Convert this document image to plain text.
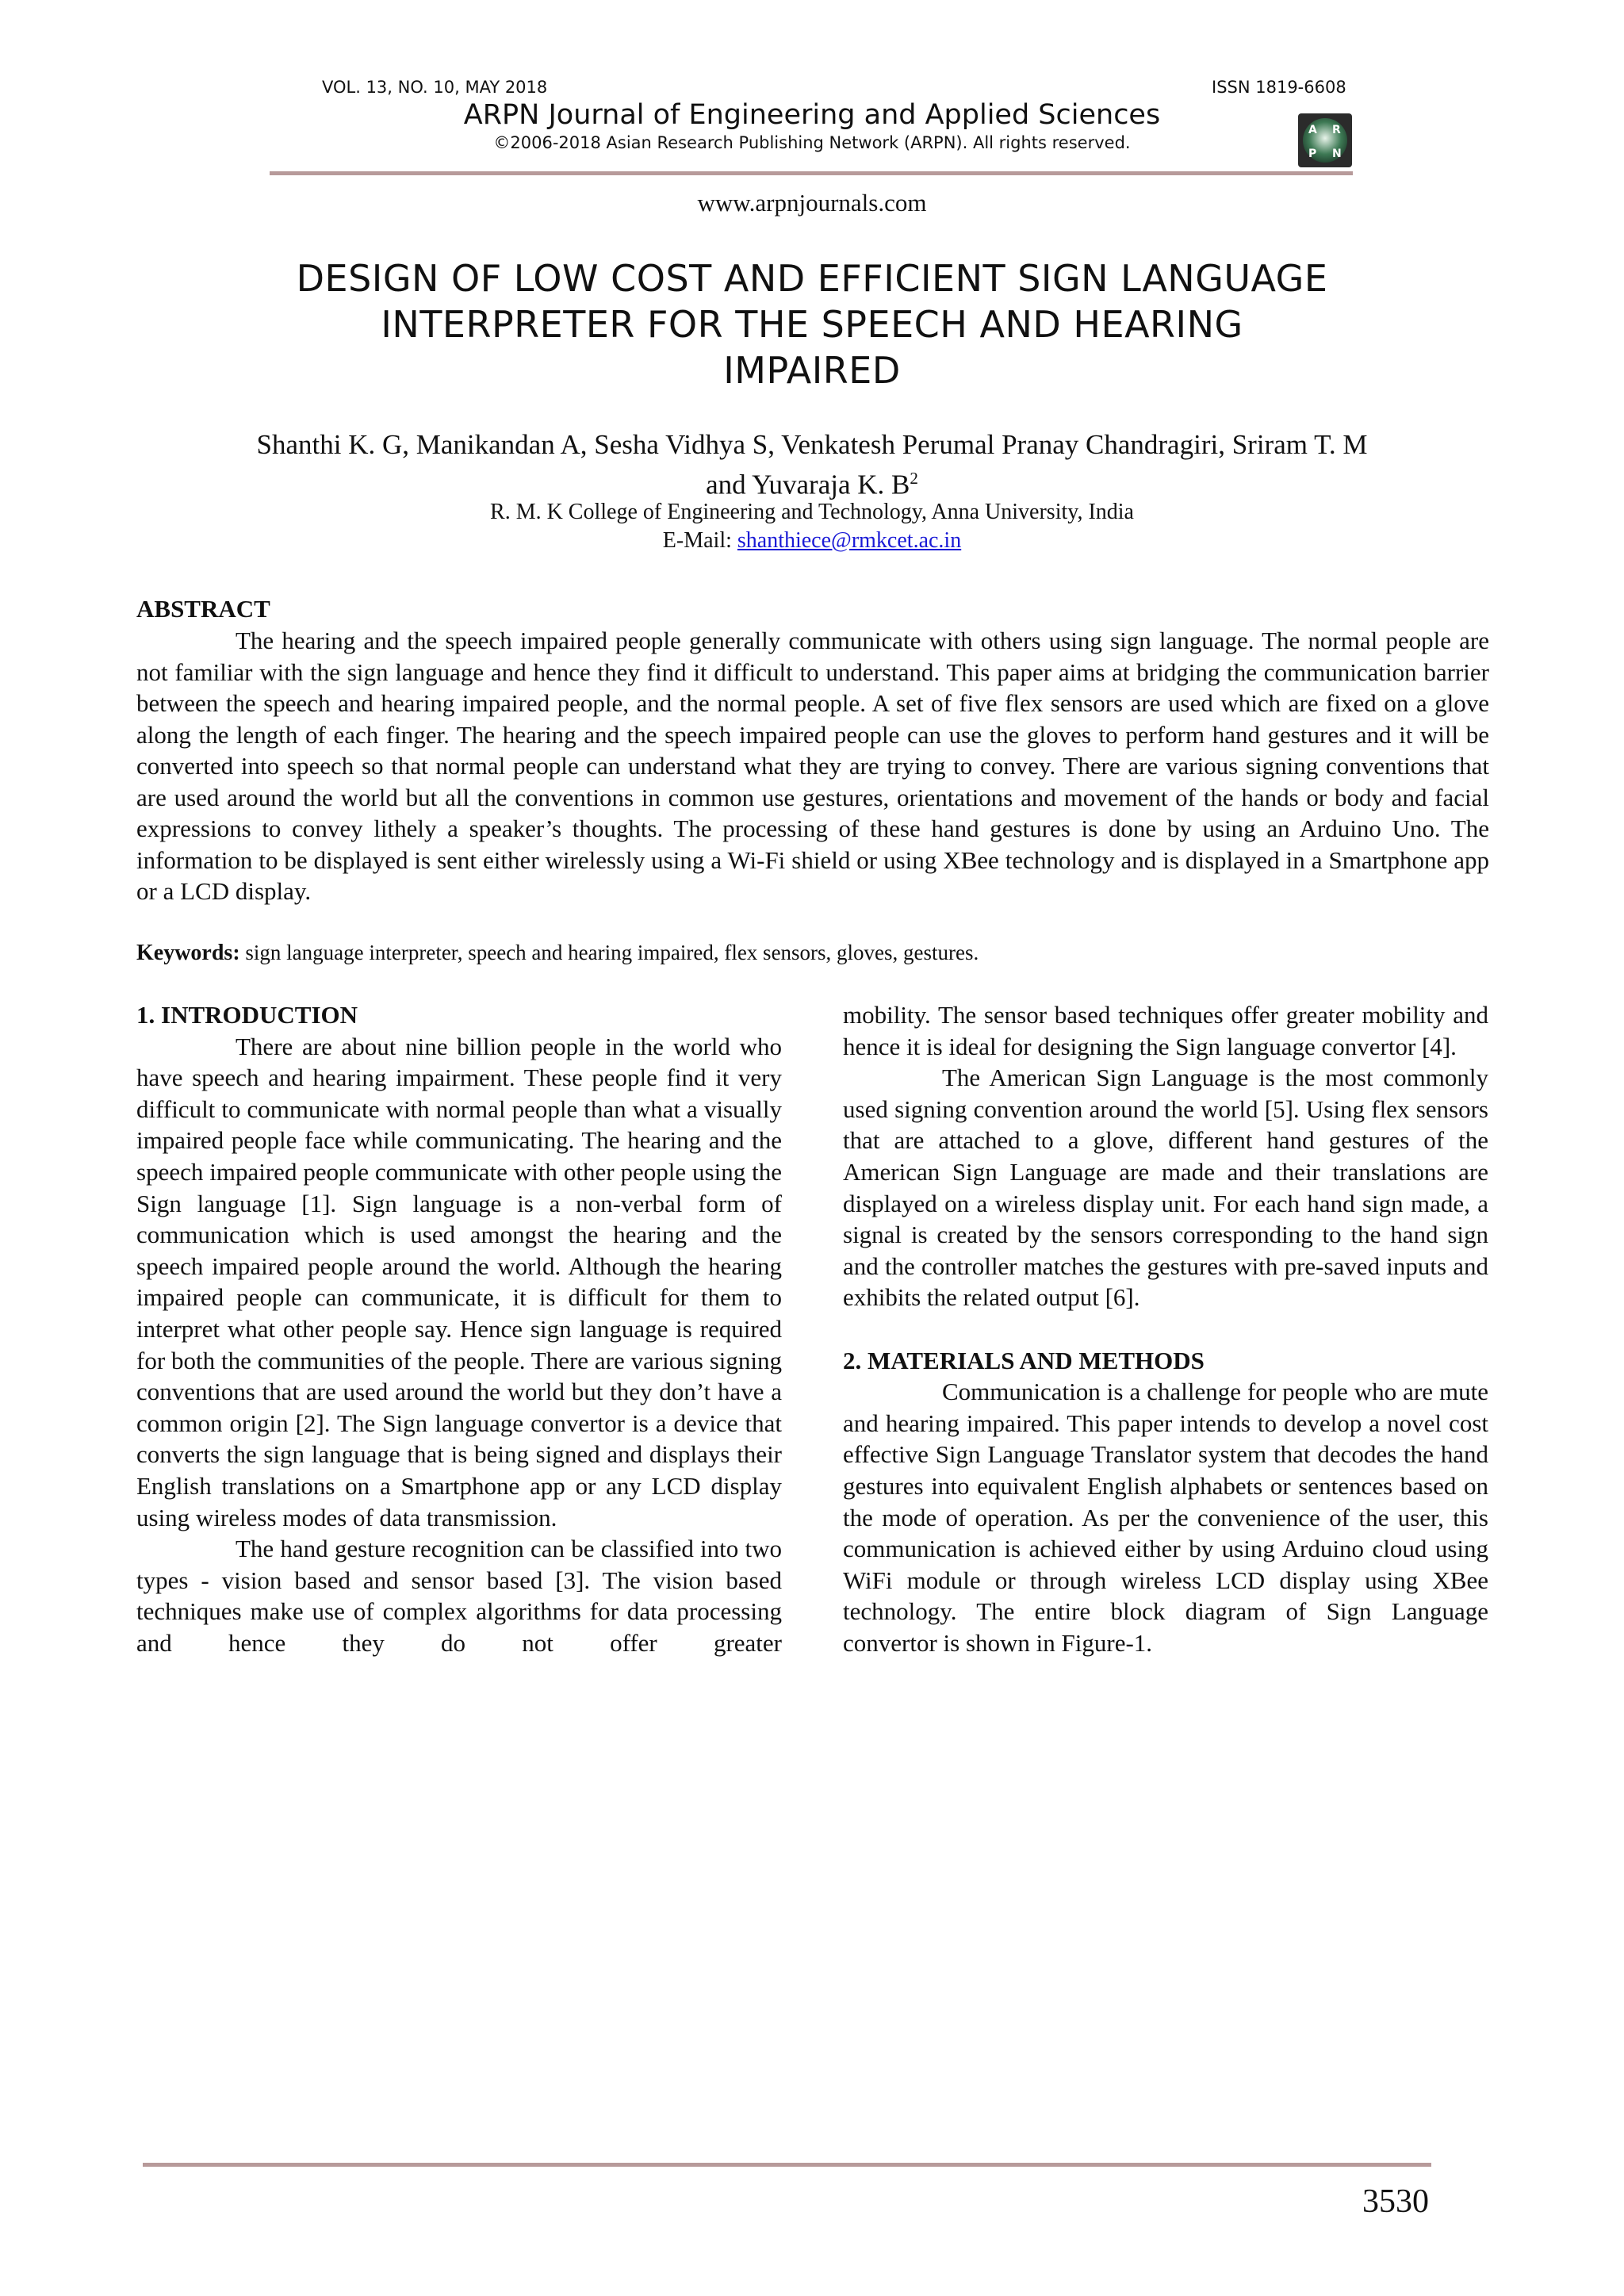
VOL. 13, NO. 10, MAY 2018	ISSN 1819-6608
ARPN Journal of Engineering and Applied Sciences
©2006-2018 Asian Research Publishing Network (ARPN). All rights reserved.
A R
P N
www.arpnjournals.com
DESIGN OF LOW COST AND EFFICIENT SIGN LANGUAGE
INTERPRETER FOR THE SPEECH AND HEARING
IMPAIRED
Shanthi K. G, Manikandan A, Sesha Vidhya S, Venkatesh Perumal Pranay Chandragiri, Sriram T. M
and Yuvaraja K. $B^2$
R. M. K College of Engineering and Technology, Anna University, India
E-Mail: shanthiece@rmkcet.ac.in
ABSTRACT

The hearing and the speech impaired people generally communicate with others using sign language. The normal people are not familiar with the sign language and hence they find it difficult to understand. This paper aims at bridging the communication barrier between the speech and hearing impaired people, and the normal people. A set of five flex sensors are used which are fixed on a glove along the length of each finger. The hearing and the speech impaired people can use the gloves to perform hand gestures and it will be converted into speech so that normal people can understand what they are trying to convey. There are various signing conventions that are used around the world but all the conventions in common use gestures, orientations and movement of the hands or body and facial expressions to convey lithely a speaker’s thoughts. The processing of these hand gestures is done by using an Arduino Uno. The information to be displayed is sent either wirelessly using a Wi-Fi shield or using XBee technology and is displayed in a Smartphone app or a LCD display.

Keywords: sign language interpreter, speech and hearing impaired, flex sensors, gloves, gestures.

1. INTRODUCTION

There are about nine billion people in the world who have speech and hearing impairment. These people find it very difficult to communicate with normal people than what a visually impaired people face while communicating. The hearing and the speech impaired people communicate with other people using the Sign language [1]. Sign language is a non-verbal form of communication which is used amongst the hearing and the speech impaired people around the world. Although the hearing impaired people can communicate, it is difficult for them to interpret what other people say. Hence sign language is required for both the communities of the people. There are various signing conventions that are used around the world but they don’t have a common origin [2]. The Sign language convertor is a device that converts the sign language that is being signed and displays their English translations on a Smartphone app or any LCD display using wireless modes of data transmission.

The hand gesture recognition can be classified into two types - vision based and sensor based [3]. The vision based techniques make use of complex algorithms for data processing and hence they do not offer greater

mobility. The sensor based techniques offer greater mobility and hence it is ideal for designing the Sign language convertor [4].

The American Sign Language is the most commonly used signing convention around the world [5]. Using flex sensors that are attached to a glove, different hand gestures of the American Sign Language are made and their translations are displayed on a wireless display unit. For each hand sign made, a signal is created by the sensors corresponding to the hand sign and the controller matches the gestures with pre-saved inputs and exhibits the related output [6].

2. MATERIALS AND METHODS

Communication is a challenge for people who are mute and hearing impaired. This paper intends to develop a novel cost effective Sign Language Translator system that decodes the hand gestures into equivalent English alphabets or sentences based on the mode of operation. As per the convenience of the user, this communication is achieved either by using Arduino cloud using WiFi module or through wireless LCD display using XBee technology. The entire block diagram of Sign Language convertor is shown in Figure-1.

3530
